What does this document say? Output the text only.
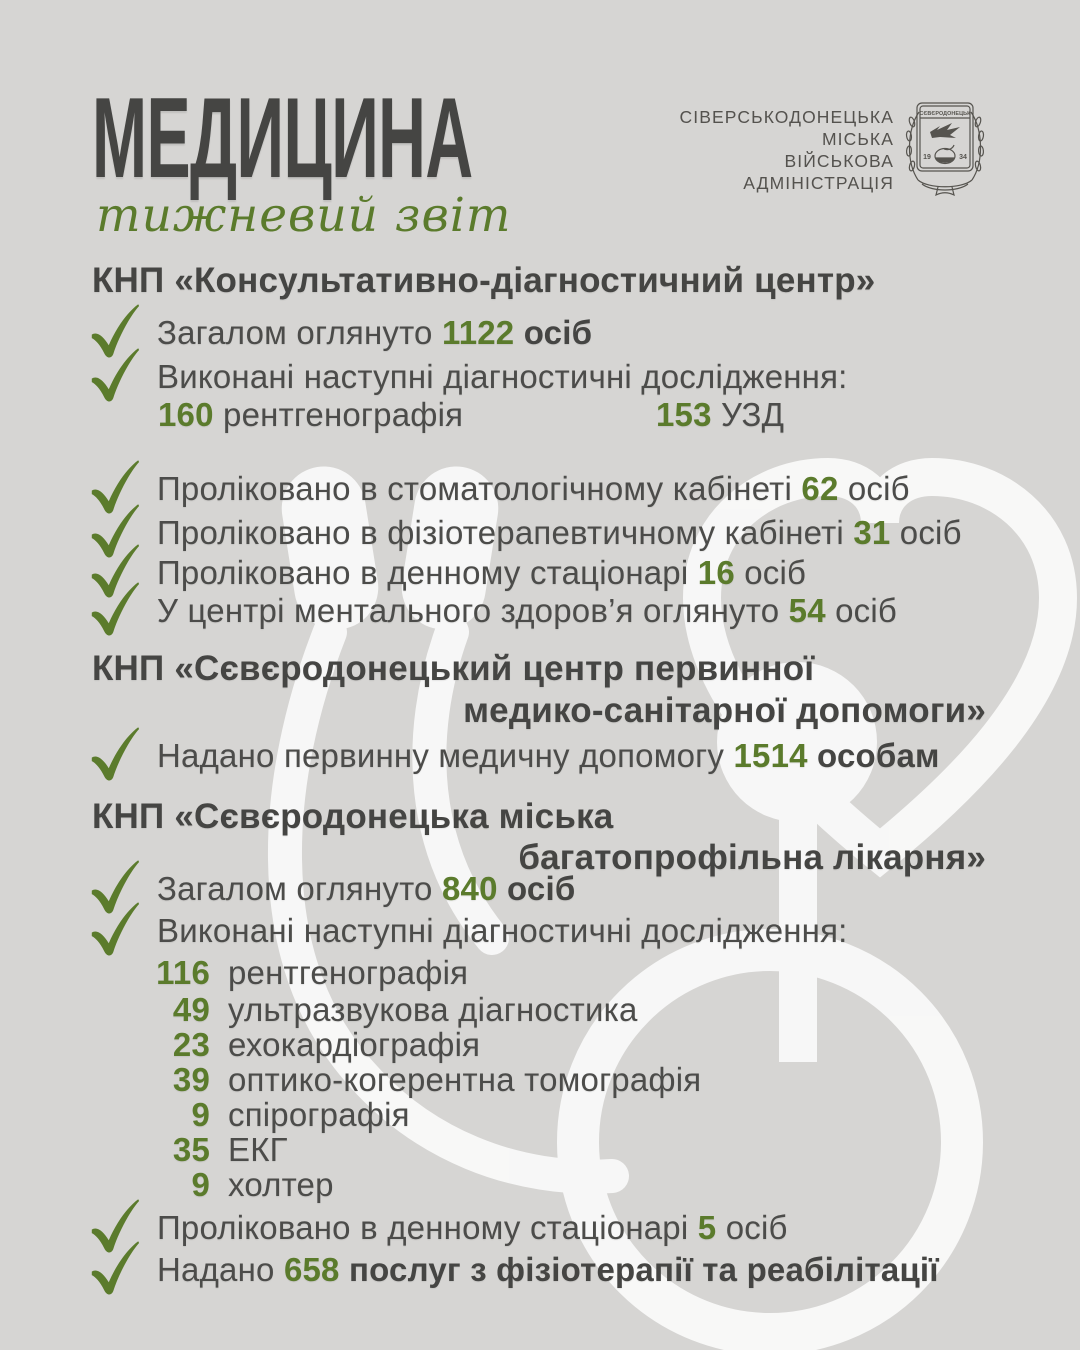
МЕДИЦИНА
тижневий звіт
СІВЕРСЬКОДОНЕЦЬКА
МІСЬКА
ВІЙСЬКОВА
АДМІНІСТРАЦІЯ
СЄВЄРОДОНЕЦЬК
19	34
КНП «Консультативно-діагностичний центр»

Загалом оглянуто 1122 осіб

Виконані наступні діагностичні дослідження:

160 рентгенографія	153 УЗД

Проліковано в стоматологічному кабінеті 62 осіб

Проліковано в фізіотерапевтичному кабінеті 31 осіб

Проліковано в денному стаціонарі 16 осіб

У центрі ментального здоров’я оглянуто 54 осіб

КНП «Сєвєродонецький центр первинної
медико-санітарної допомоги»

Надано первинну медичну допомогу 1514 особам

КНП «Сєвєродонецька міська
багатопрофільна лікарня»

Загалом оглянуто 840 осіб

Виконані наступні діагностичні дослідження:

116 рентгенографія
49 ультразвукова діагностика
23 ехокардіографія
39 оптико-когерентна томографія
9 спірографія
35 ЕКГ
9 холтер

Проліковано в денному стаціонарі 5 осіб

Надано 658 послуг з фізіотерапії та реабілітації
